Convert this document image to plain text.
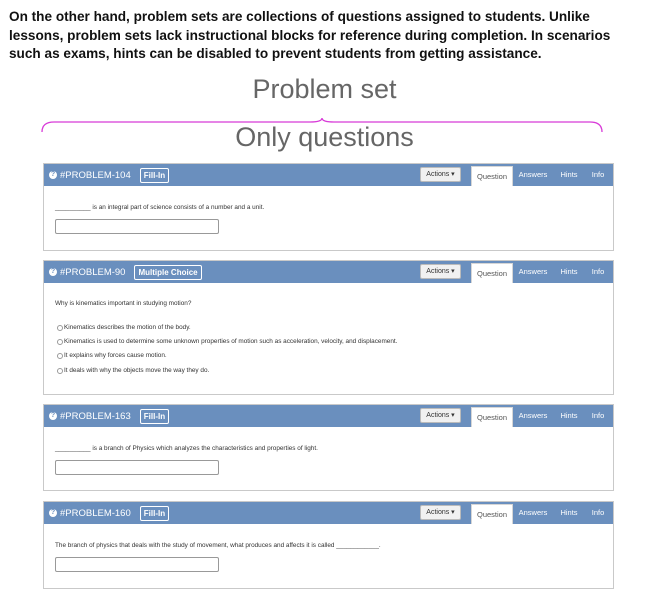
On the other hand, problem sets are collections of questions assigned to students. Unlike lessons, problem sets lack instructional blocks for reference during completion. In scenarios such as exams, hints can be disabled to prevent students from getting assistance.
Problem set
Only questions
? #PROBLEM-104	Fill-In	Actions ▾	Question	Answers	Hints	Info
__________ is an integral part of science consists of a number and a unit.
? #PROBLEM-90	Multiple Choice	Actions ▾	Question	Answers	Hints	Info
Why is kinematics important in studying motion?
Kinematics describes the motion of the body.
Kinematics is used to determine some unknown properties of motion such as acceleration, velocity, and displacement.
It explains why forces cause motion.
It deals with why the objects move the way they do.
? #PROBLEM-163	Fill-In	Actions ▾	Question	Answers	Hints	Info
__________ is a branch of Physics which analyzes the characteristics and properties of light.
? #PROBLEM-160	Fill-In	Actions ▾	Question	Answers	Hints	Info
The branch of physics that deals with the study of movement, what produces and affects it is called ____________.
